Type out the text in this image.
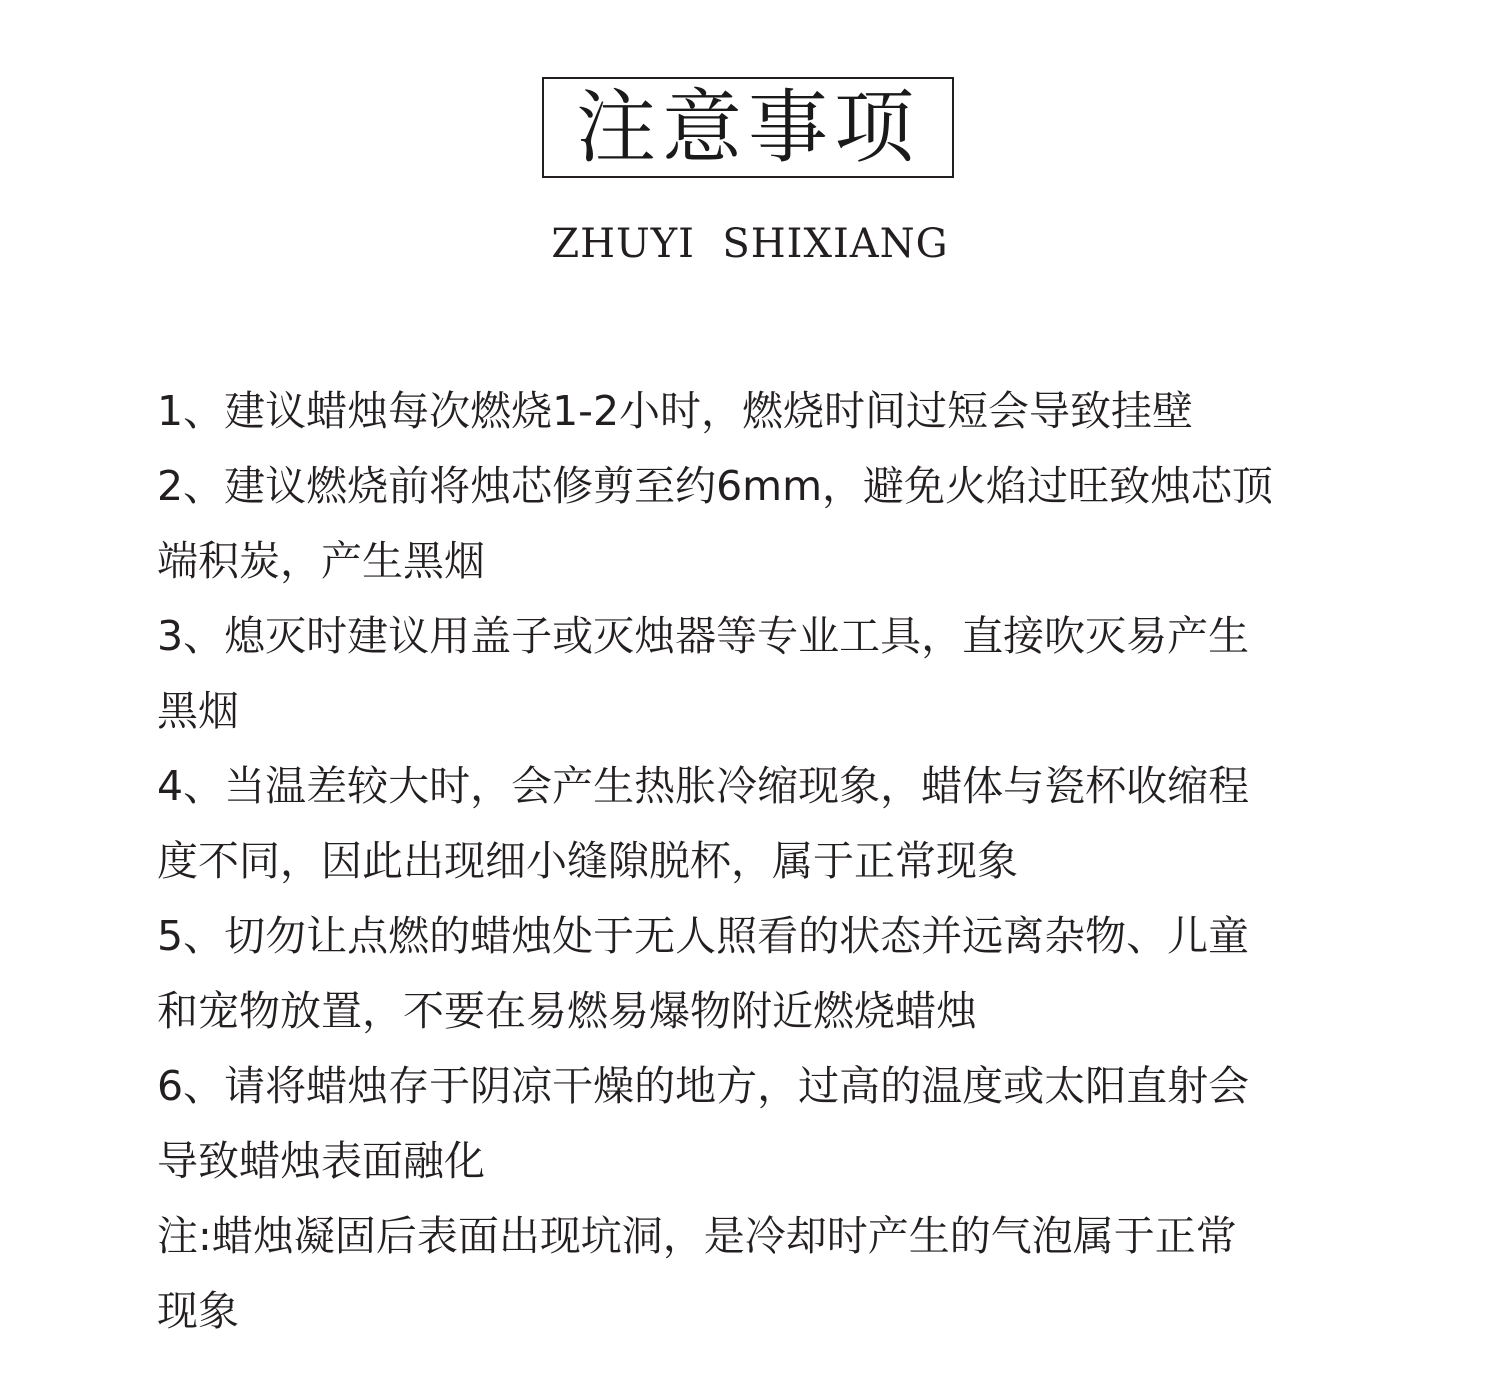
注意事项
ZHUYI  SHIXIANG
1、建议蜡烛每次燃烧1-2小时，燃烧时间过短会导致挂壁
2、建议燃烧前将烛芯修剪至约6mm，避免火焰过旺致烛芯顶
端积炭，产生黑烟
3、熄灭时建议用盖子或灭烛器等专业工具，直接吹灭易产生
黑烟
4、当温差较大时，会产生热胀冷缩现象，蜡体与瓷杯收缩程
度不同，因此出现细小缝隙脱杯，属于正常现象
5、切勿让点燃的蜡烛处于无人照看的状态并远离杂物、儿童
和宠物放置，不要在易燃易爆物附近燃烧蜡烛
6、请将蜡烛存于阴凉干燥的地方，过高的温度或太阳直射会
导致蜡烛表面融化
注:蜡烛凝固后表面出现坑洞，是冷却时产生的气泡属于正常
现象
